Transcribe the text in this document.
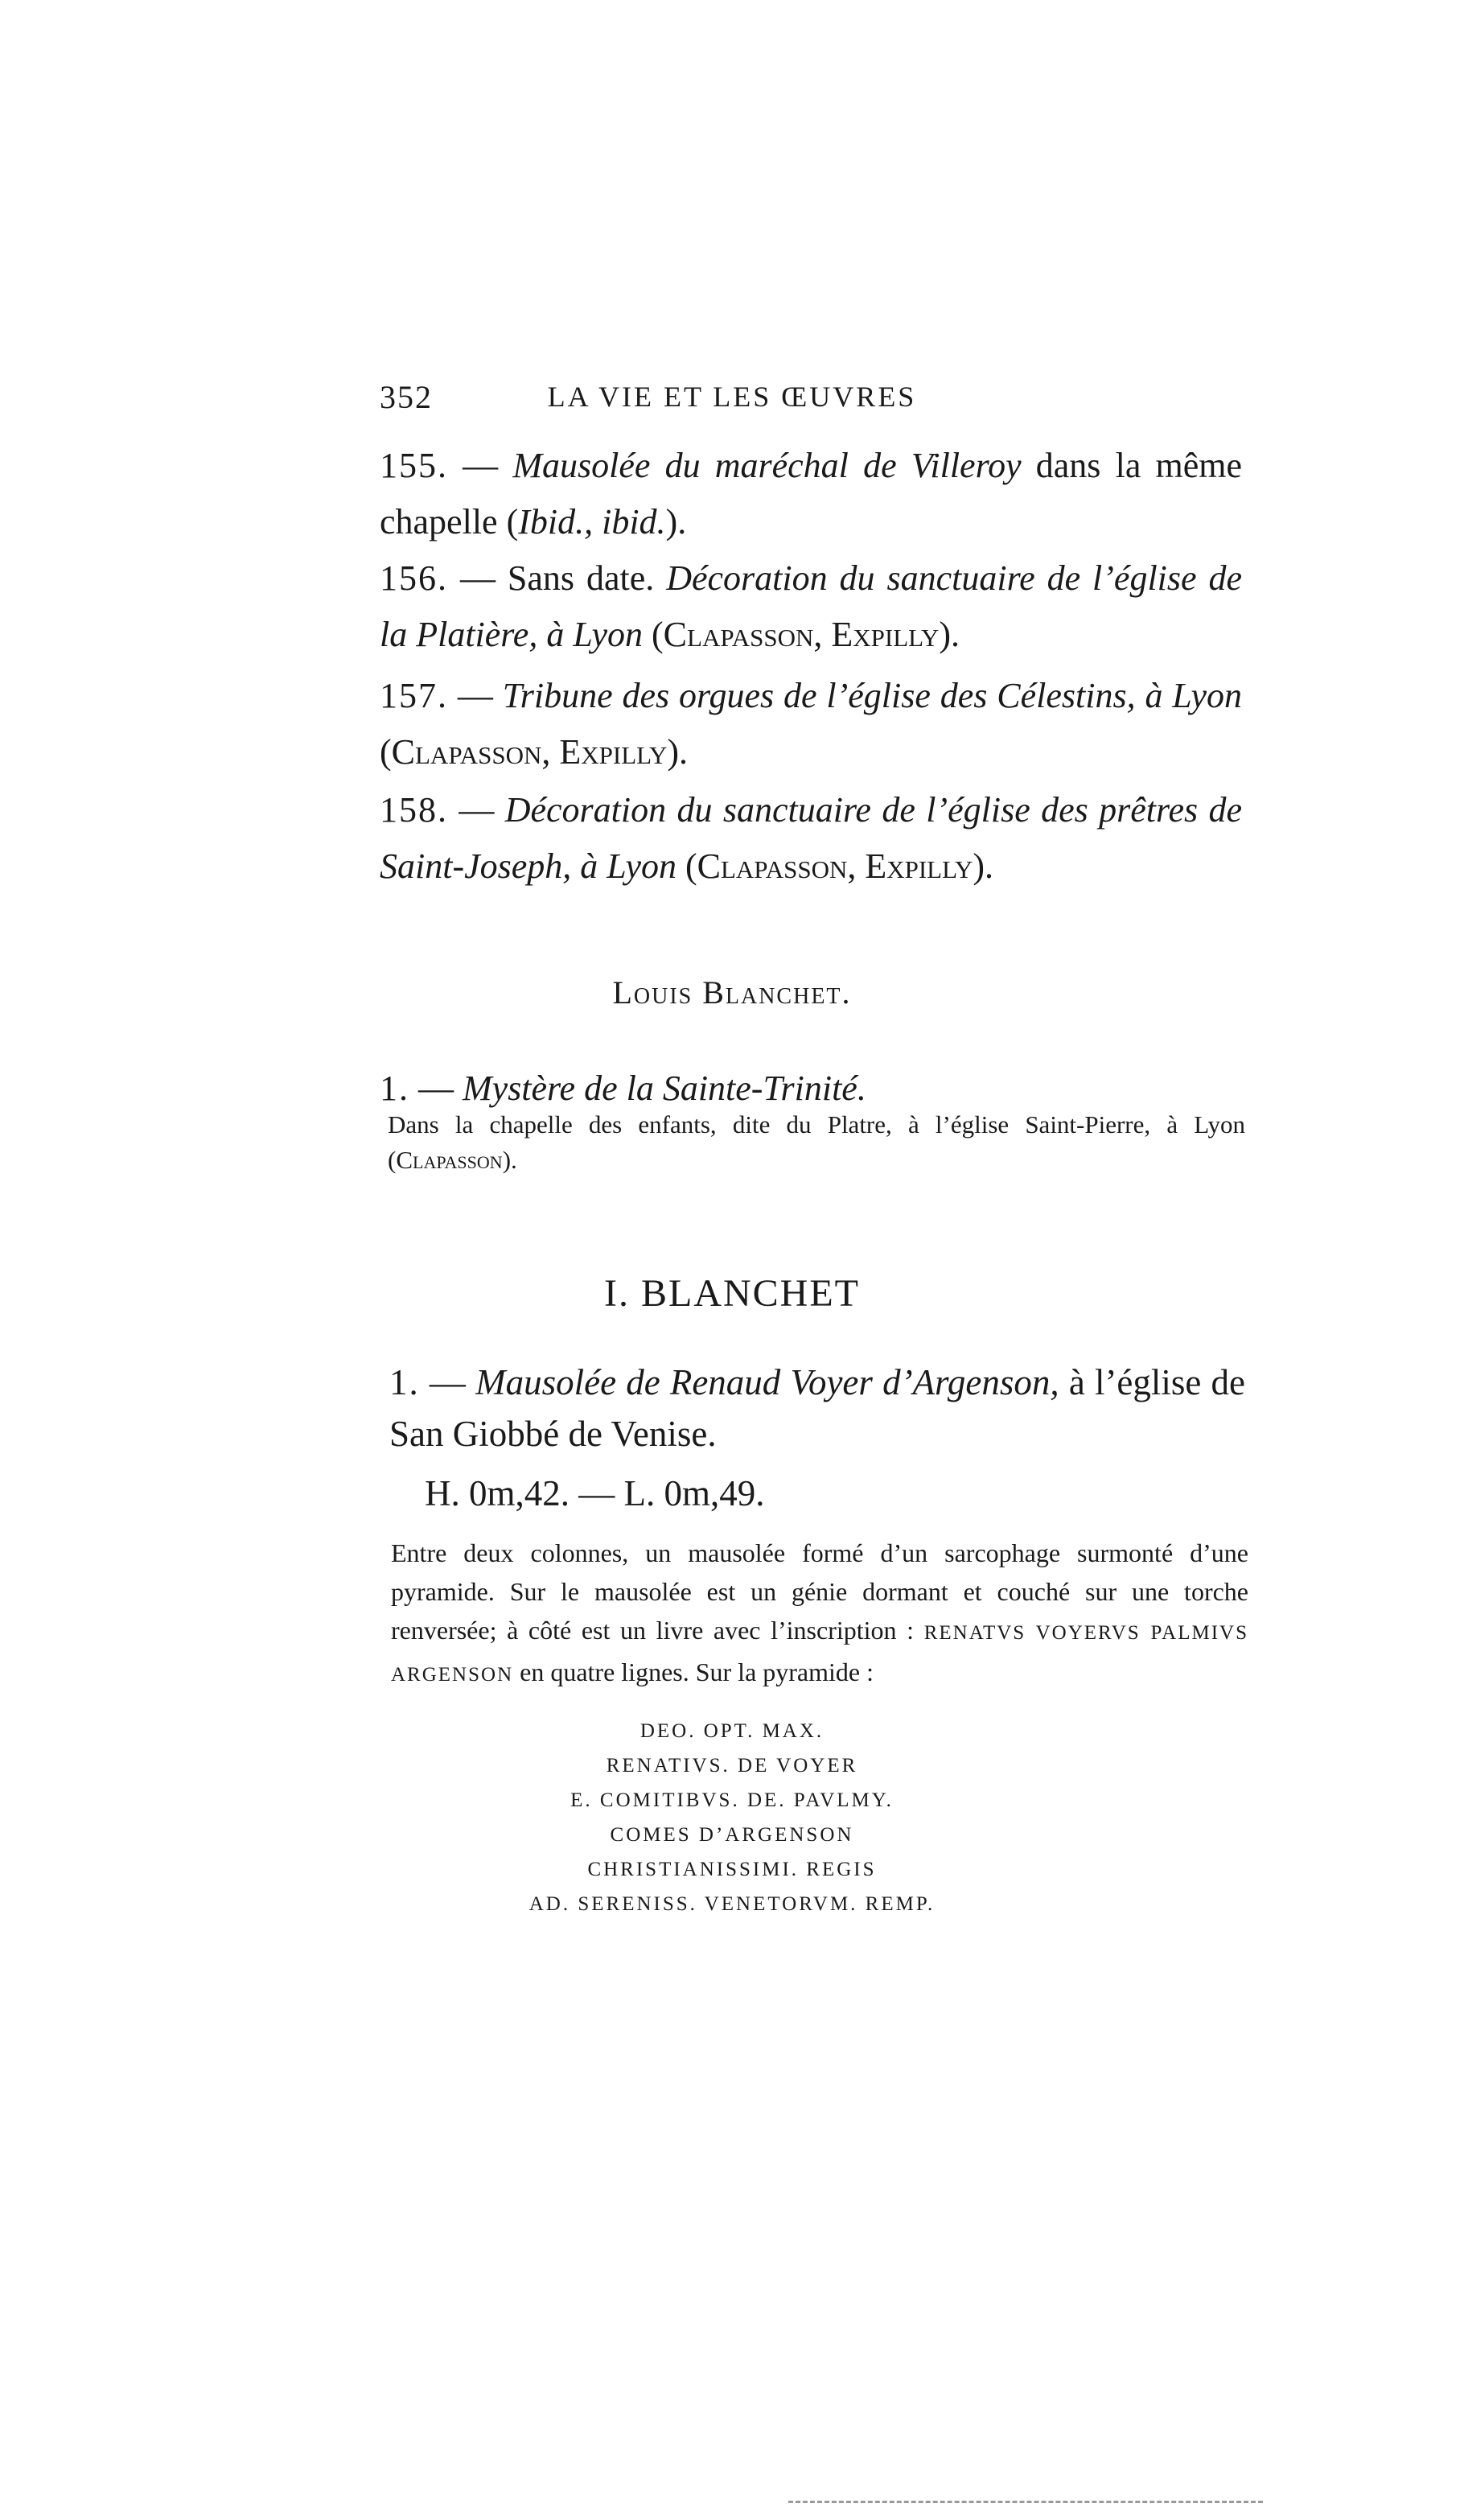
352	LA VIE ET LES ŒUVRES

155. — Mausolée du maréchal de Villeroy dans la même chapelle (Ibid., ibid.).

156. — Sans date. Décoration du sanctuaire de l’église de la Platière, à Lyon (Clapasson, Expilly).

157. — Tribune des orgues de l’église des Célestins, à Lyon (Clapasson, Expilly).

158. — Décoration du sanctuaire de l’église des prêtres de Saint-Joseph, à Lyon (Clapasson, Expilly).

Louis Blanchet.

1. — Mystère de la Sainte-Trinité.

Dans la chapelle des enfants, dite du Platre, à l’église Saint-Pierre, à Lyon (Clapasson).

I. BLANCHET

1. — Mausolée de Renaud Voyer d’Argenson, à l’église de San Giobbé de Venise.

H. 0m,42. — L. 0m,49.

Entre deux colonnes, un mausolée formé d’un sarcophage surmonté d’une pyramide. Sur le mausolée est un génie dormant et couché sur une torche renversée; à côté est un livre avec l’inscription : RENATVS VOYERVS PALMIVS ARGENSON en quatre lignes. Sur la pyramide :

DEO. OPT. MAX.
RENATIVS. DE VOYER
E. COMITIBVS. DE. PAVLMY.
COMES D’ARGENSON
CHRISTIANISSIMI. REGIS
AD. SERENISS. VENETORVM. REMP.
